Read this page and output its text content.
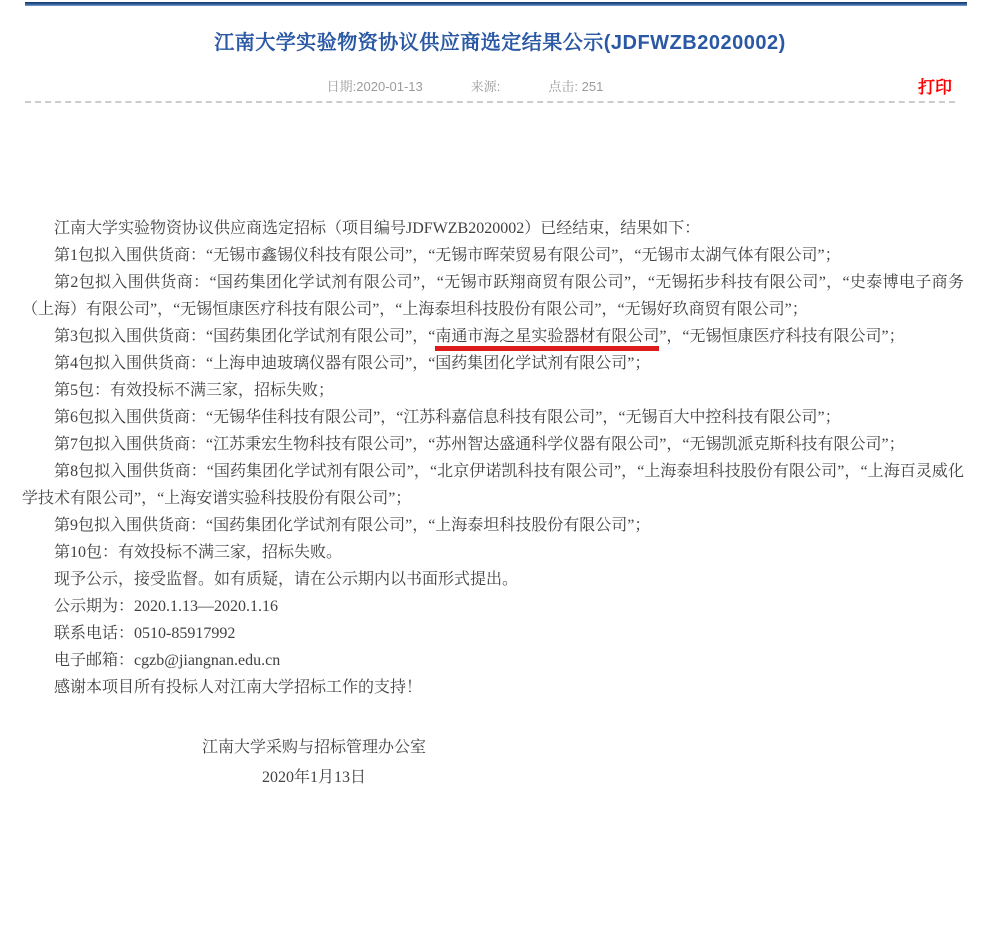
江南大学实验物资协议供应商选定结果公示(JDFWZB2020002)
日期:2020-01-13	来源:	点击: 251	打印

江南大学实验物资协议供应商选定招标（项目编号JDFWZB2020002）已经结束，结果如下：

第1包拟入围供货商：“无锡市鑫锡仪科技有限公司”，“无锡市晖荣贸易有限公司”，“无锡市太湖气体有限公司”；

第2包拟入围供货商：“国药集团化学试剂有限公司”，“无锡市跃翔商贸有限公司”，“无锡拓步科技有限公司”，“史泰博电子商务（上海）有限公司”，“无锡恒康医疗科技有限公司”，“上海泰坦科技股份有限公司”，“无锡好玖商贸有限公司”；

第3包拟入围供货商：“国药集团化学试剂有限公司”，“南通市海之星实验器材有限公司”，“无锡恒康医疗科技有限公司”；

第4包拟入围供货商：“上海申迪玻璃仪器有限公司”，“国药集团化学试剂有限公司”；

第5包：有效投标不满三家，招标失败；

第6包拟入围供货商：“无锡华佳科技有限公司”，“江苏科嘉信息科技有限公司”，“无锡百大中控科技有限公司”；

第7包拟入围供货商：“江苏秉宏生物科技有限公司”，“苏州智达盛通科学仪器有限公司”，“无锡凯派克斯科技有限公司”；

第8包拟入围供货商：“国药集团化学试剂有限公司”，“北京伊诺凯科技有限公司”，“上海泰坦科技股份有限公司”，“上海百灵威化学技术有限公司”，“上海安谱实验科技股份有限公司”；

第9包拟入围供货商：“国药集团化学试剂有限公司”，“上海泰坦科技股份有限公司”；

第10包：有效投标不满三家，招标失败。

现予公示，接受监督。如有质疑，请在公示期内以书面形式提出。

公示期为：2020.1.13—2020.1.16

联系电话：0510-85917992

电子邮箱：cgzb@jiangnan.edu.cn

感谢本项目所有投标人对江南大学招标工作的支持！

江南大学采购与招标管理办公室
2020年1月13日
